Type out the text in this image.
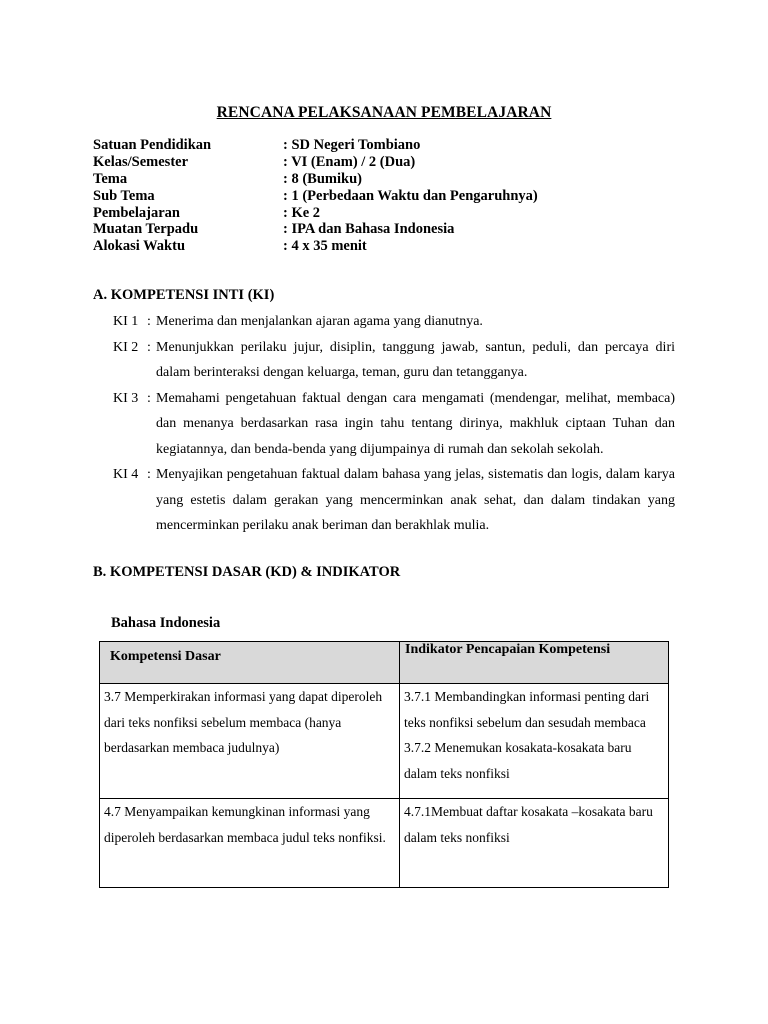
RENCANA PELAKSANAAN PEMBELAJARAN
Satuan Pendidikan	: SD Negeri Tombiano
Kelas/Semester	: VI (Enam) / 2 (Dua)
Tema	: 8 (Bumiku)
Sub Tema	: 1 (Perbedaan Waktu dan Pengaruhnya)
Pembelajaran	: Ke 2
Muatan Terpadu	: IPA dan Bahasa Indonesia
Alokasi Waktu	: 4 x 35 menit
A. KOMPETENSI INTI (KI)
KI 1 : Menerima dan menjalankan ajaran agama yang dianutnya.
KI 2 : Menunjukkan perilaku jujur, disiplin, tanggung jawab, santun, peduli, dan percaya diri dalam berinteraksi dengan keluarga, teman, guru dan tetangganya.
KI 3 : Memahami pengetahuan faktual dengan cara mengamati (mendengar, melihat, membaca) dan menanya berdasarkan rasa ingin tahu tentang dirinya, makhluk ciptaan Tuhan dan kegiatannya, dan benda-benda yang dijumpainya di rumah dan sekolah sekolah.
KI 4 : Menyajikan pengetahuan faktual dalam bahasa yang jelas, sistematis dan logis, dalam karya yang estetis dalam gerakan yang mencerminkan anak sehat, dan dalam tindakan yang mencerminkan perilaku anak beriman dan berakhlak mulia.
B. KOMPETENSI DASAR (KD) & INDIKATOR
Bahasa Indonesia
Kompetensi Dasar	Indikator Pencapaian Kompetensi
3.7 Memperkirakan informasi yang dapat diperoleh dari teks nonfiksi sebelum membaca (hanya berdasarkan membaca judulnya)	3.7.1 Membandingkan informasi penting dari teks nonfiksi sebelum dan sesudah membaca
3.7.2 Menemukan kosakata-kosakata baru dalam teks nonfiksi

4.7 Menyampaikan kemungkinan informasi yang diperoleh berdasarkan membaca judul teks nonfiksi.	4.7.1Membuat daftar kosakata –kosakata baru dalam teks nonfiksi
